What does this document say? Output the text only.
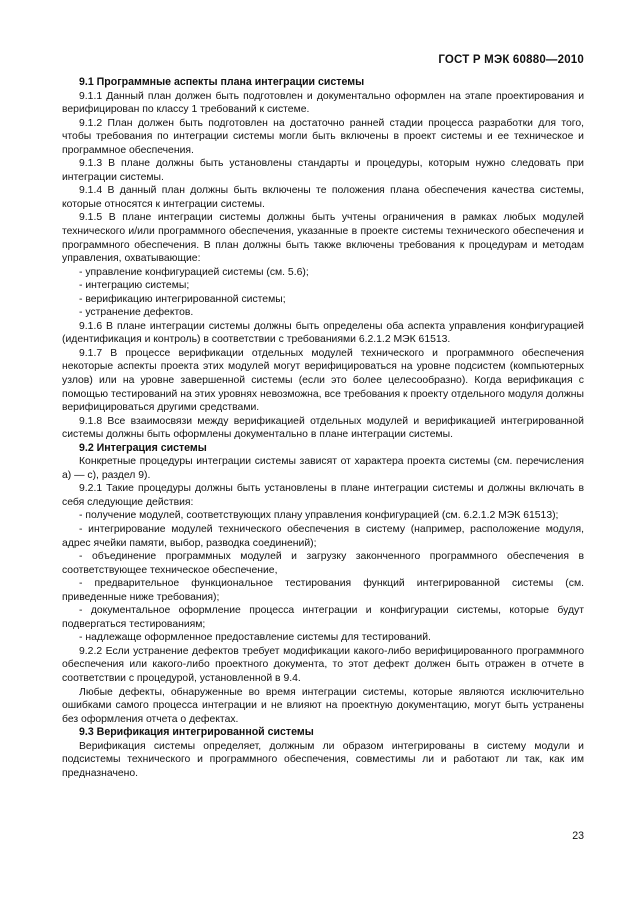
ГОСТ Р МЭК 60880—2010
9.1 Программные аспекты плана интеграции системы

9.1.1 Данный план должен быть подготовлен и документально оформлен на этапе проектирования и верифицирован по классу 1 требований к системе.

9.1.2 План должен быть подготовлен на достаточно ранней стадии процесса разработки для того, чтобы требования по интеграции системы могли быть включены в проект системы и ее техническое и программное обеспечения.

9.1.3 В плане должны быть установлены стандарты и процедуры, которым нужно следовать при интеграции системы.

9.1.4 В данный план должны быть включены те положения плана обеспечения качества системы, которые относятся к интеграции системы.

9.1.5 В плане интеграции системы должны быть учтены ограничения в рамках любых модулей технического и/или программного обеспечения, указанные в проекте системы технического обеспечения и программного обеспечения. В план должны быть также включены требования к процедурам и методам управления, охватывающие:

- управление конфигурацией системы (см. 5.6);

- интеграцию системы;

- верификацию интегрированной системы;

- устранение дефектов.

9.1.6 В плане интеграции системы должны быть определены оба аспекта управления конфигурацией (идентификация и контроль) в соответствии с требованиями 6.2.1.2 МЭК 61513.

9.1.7 В процессе верификации отдельных модулей технического и программного обеспечения некоторые аспекты проекта этих модулей могут верифицироваться на уровне подсистем (компьютерных узлов) или на уровне завершенной системы (если это более целесообразно). Когда верификация с помощью тестирований на этих уровнях невозможна, все требования к проекту отдельного модуля должны верифицироваться другими средствами.

9.1.8 Все взаимосвязи между верификацией отдельных модулей и верификацией интегрированной системы должны быть оформлены документально в плане интеграции системы.

9.2 Интеграция системы

Конкретные процедуры интеграции системы зависят от характера проекта системы (см. перечисления а) — с), раздел 9).

9.2.1 Такие процедуры должны быть установлены в плане интеграции системы и должны включать в себя следующие действия:

- получение модулей, соответствующих плану управления конфигурацией (см. 6.2.1.2 МЭК 61513);

- интегрирование модулей технического обеспечения в систему (например, расположение модуля, адрес ячейки памяти, выбор, разводка соединений);

- объединение программных модулей и загрузку законченного программного обеспечения в соответствующее техническое обеспечение,

- предварительное функциональное тестирования функций интегрированной системы (см. приведенные ниже требования);

- документальное оформление процесса интеграции и конфигурации системы, которые будут подвергаться тестированиям;

- надлежаще оформленное предоставление системы для тестирований.

9.2.2 Если устранение дефектов требует модификации какого-либо верифицированного программного обеспечения или какого-либо проектного документа, то этот дефект должен быть отражен в отчете в соответствии с процедурой, установленной в 9.4.

Любые дефекты, обнаруженные во время интеграции системы, которые являются исключительно ошибками самого процесса интеграции и не влияют на проектную документацию, могут быть устранены без оформления отчета о дефектах.

9.3 Верификация интегрированной системы

Верификация системы определяет, должным ли образом интегрированы в систему модули и подсистемы технического и программного обеспечения, совместимы ли и работают ли так, как им предназначено.

23
